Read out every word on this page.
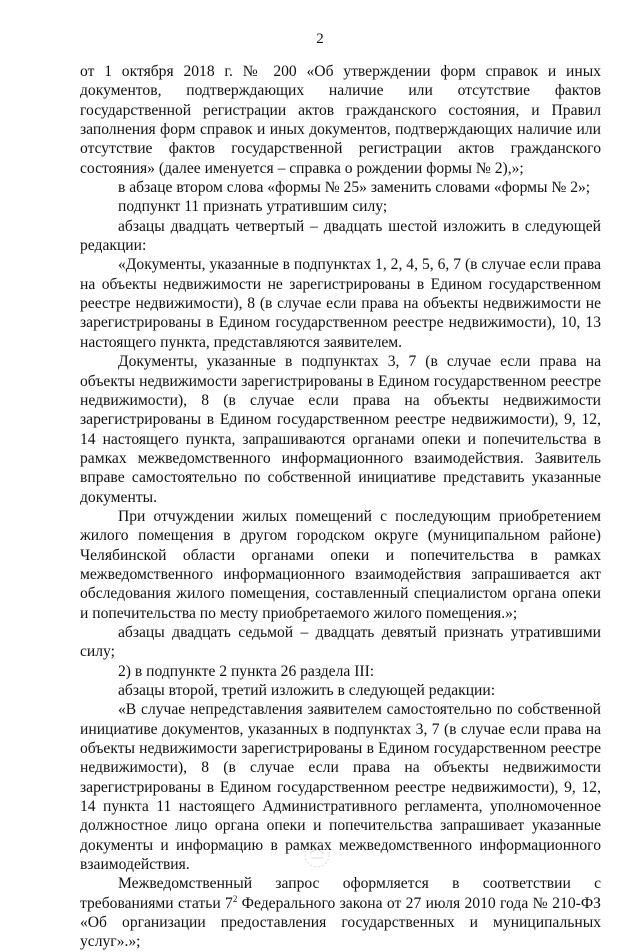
2

от 1 октября 2018 г. № 200 «Об утверждении форм справок и иных документов, подтверждающих наличие или отсутствие фактов государственной регистрации актов гражданского состояния, и Правил заполнения форм справок и иных документов, подтверждающих наличие или отсутствие фактов государственной регистрации актов гражданского состояния» (далее именуется – справка о рождении формы № 2),»;

в абзаце втором слова «формы № 25» заменить словами «формы № 2»;

подпункт 11 признать утратившим силу;

абзацы двадцать четвертый – двадцать шестой изложить в следующей редакции:

«Документы, указанные в подпунктах 1, 2, 4, 5, 6, 7 (в случае если права на объекты недвижимости не зарегистрированы в Едином государственном реестре недвижимости), 8 (в случае если права на объекты недвижимости не зарегистрированы в Едином государственном реестре недвижимости), 10, 13 настоящего пункта, представляются заявителем.

Документы, указанные в подпунктах 3, 7 (в случае если права на объекты недвижимости зарегистрированы в Едином государственном реестре недвижимости), 8 (в случае если права на объекты недвижимости зарегистрированы в Едином государственном реестре недвижимости), 9, 12, 14 настоящего пункта, запрашиваются органами опеки и попечительства в рамках межведомственного информационного взаимодействия. Заявитель вправе самостоятельно по собственной инициативе представить указанные документы.

При отчуждении жилых помещений с последующим приобретением жилого помещения в другом городском округе (муниципальном районе) Челябинской области органами опеки и попечительства в рамках межведомственного информационного взаимодействия запрашивается акт обследования жилого помещения, составленный специалистом органа опеки и попечительства по месту приобретаемого жилого помещения.»;

абзацы двадцать седьмой – двадцать девятый признать утратившими силу;

2) в подпункте 2 пункта 26 раздела III:

абзацы второй, третий изложить в следующей редакции:

«В случае непредставления заявителем самостоятельно по собственной инициативе документов, указанных в подпунктах 3, 7 (в случае если права на объекты недвижимости зарегистрированы в Едином государственном реестре недвижимости), 8 (в случае если права на объекты недвижимости зарегистрированы в Едином государственном реестре недвижимости), 9, 12, 14 пункта 11 настоящего Административного регламента, уполномоченное должностное лицо органа опеки и попечительства запрашивает указанные документы и информацию в рамках межведомственного информационного взаимодействия.

Межведомственный запрос оформляется в соответствии с требованиями статьи $7^2$ Федерального закона от 27 июля 2010 года № 210-ФЗ «Об организации предоставления государственных и муниципальных услуг».»;
